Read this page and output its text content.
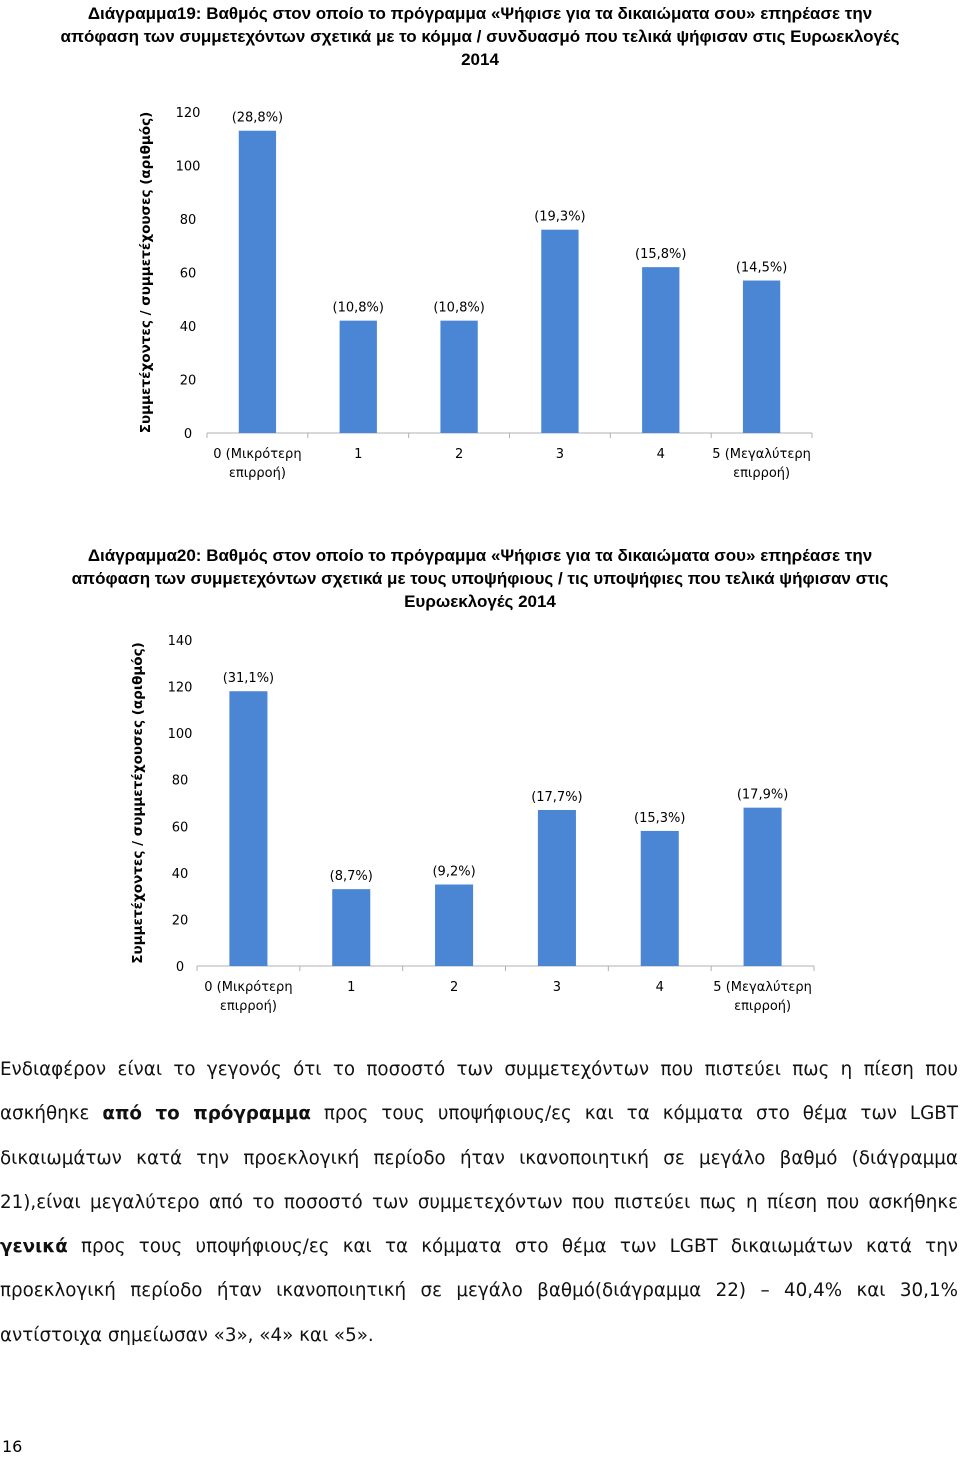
Διάγραμμα19: Βαθμός στον οποίο το πρόγραμμα «Ψήφισε για τα δικαιώματα σου» επηρέασε την απόφαση των συμμετεχόντων σχετικά με το κόμμα / συνδυασμό που τελικά ψήφισαν στις Ευρωεκλογές 2014
Συμμετέχοντες / συμμετέχουσες (αριθμός)
0
20
40
60
80
100
120 (28,8%)
0 (Μικρότερη
επιρροή)
(10,8%)
1
(10,8%)
2
(19,3%)
3
(15,8%)
4
(14,5%)
5 (Μεγαλύτερη
επιρροή)
Διάγραμμα20: Βαθμός στον οποίο το πρόγραμμα «Ψήφισε για τα δικαιώματα σου» επηρέασε την απόφαση των συμμετεχόντων σχετικά με τους υποψήφιους / τις υποψήφιες που τελικά ψήφισαν στις Ευρωεκλογές 2014
Συμμετέχοντες / συμμετέχουσες (αριθμός)
0
20
40
60
80
100
120
140
(31,1%)
0 (Μικρότερη
επιρροή)
(8,7%)
1
(9,2%)
2
(17,7%)
3
(15,3%)
4
(17,9%)
5 (Μεγαλύτερη
επιρροή)

Ενδιαφέρον είναι το γεγονός ότι το ποσοστό των συμμετεχόντων που πιστεύει πως η πίεση που ασκήθηκε από το πρόγραμμα προς τους υποψήφιους/ες και τα κόμματα στο θέμα των LGBT δικαιωμάτων κατά την προεκλογική περίοδο ήταν ικανοποιητική σε μεγάλο βαθμό (διάγραμμα 21),είναι μεγαλύτερο από το ποσοστό των συμμετεχόντων που πιστεύει πως η πίεση που ασκήθηκε γενικά προς τους υποψήφιους/ες και τα κόμματα στο θέμα των LGBT δικαιωμάτων κατά την προεκλογική περίοδο ήταν ικανοποιητική σε μεγάλο βαθμό(διάγραμμα 22) – 40,4% και 30,1% αντίστοιχα σημείωσαν «3», «4» και «5».

16
